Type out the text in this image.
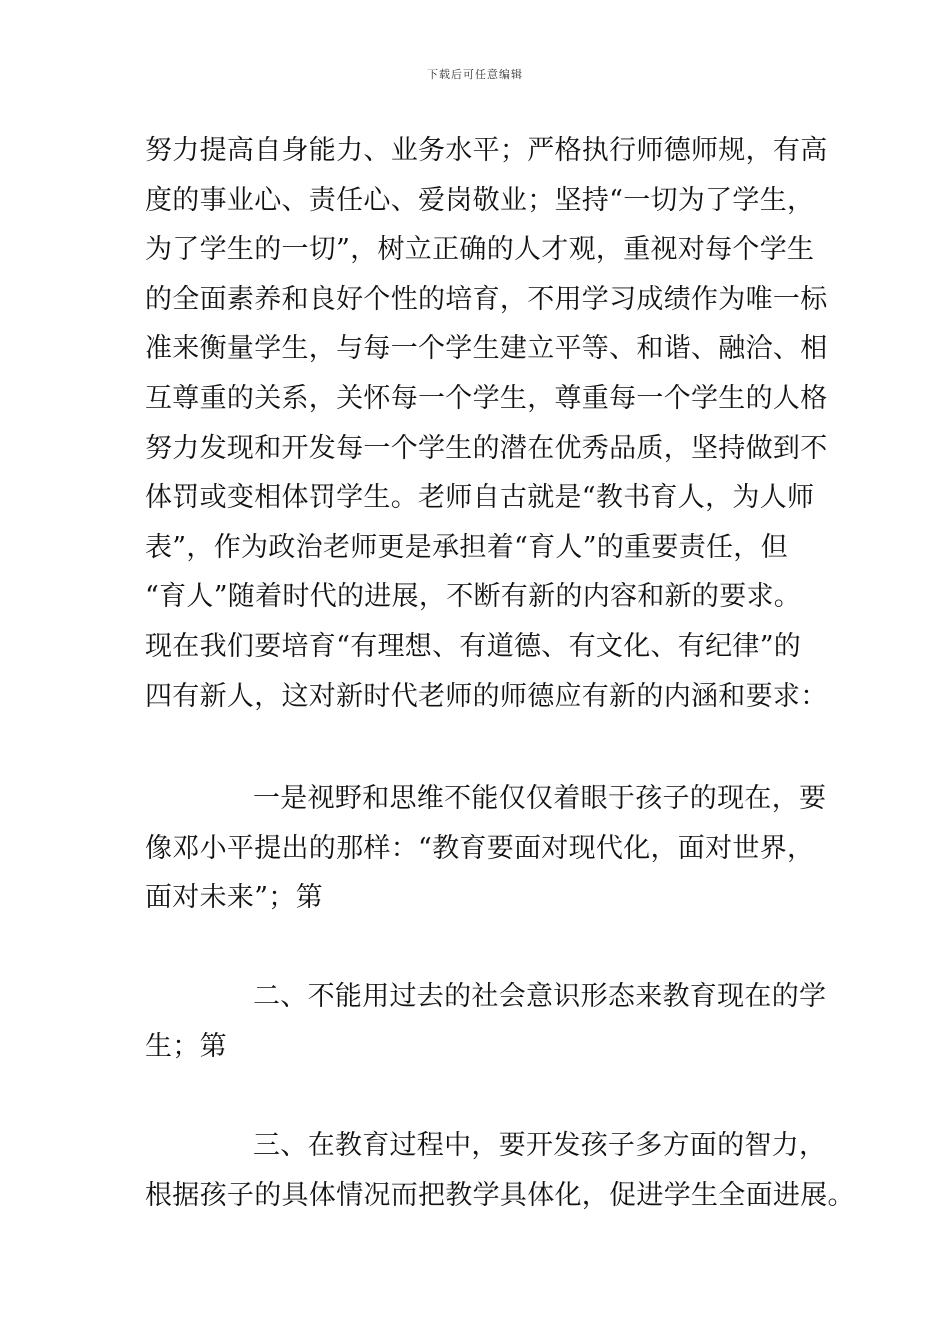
下载后可任意编辑
努力提高自身能力、业务水平；严格执行师德师规，有高
度的事业心、责任心、爱岗敬业；坚持“一切为了学生，
为了学生的一切”，树立正确的人才观，重视对每个学生
的全面素养和良好个性的培育，不用学习成绩作为唯一标
准来衡量学生，与每一个学生建立平等、和谐、融洽、相
互尊重的关系，关怀每一个学生，尊重每一个学生的人格
努力发现和开发每一个学生的潜在优秀品质，坚持做到不
体罚或变相体罚学生。老师自古就是“教书育人，为人师
表”，作为政治老师更是承担着“育人”的重要责任，但
“育人”随着时代的进展，不断有新的内容和新的要求。
现在我们要培育“有理想、有道德、有文化、有纪律”的
四有新人，这对新时代老师的师德应有新的内涵和要求：
一是视野和思维不能仅仅着眼于孩子的现在，要
像邓小平提出的那样：“教育要面对现代化，面对世界，
面对未来”；第
二、不能用过去的社会意识形态来教育现在的学
生；第
三、在教育过程中，要开发孩子多方面的智力，
根据孩子的具体情况而把教学具体化，促进学生全面进展。
